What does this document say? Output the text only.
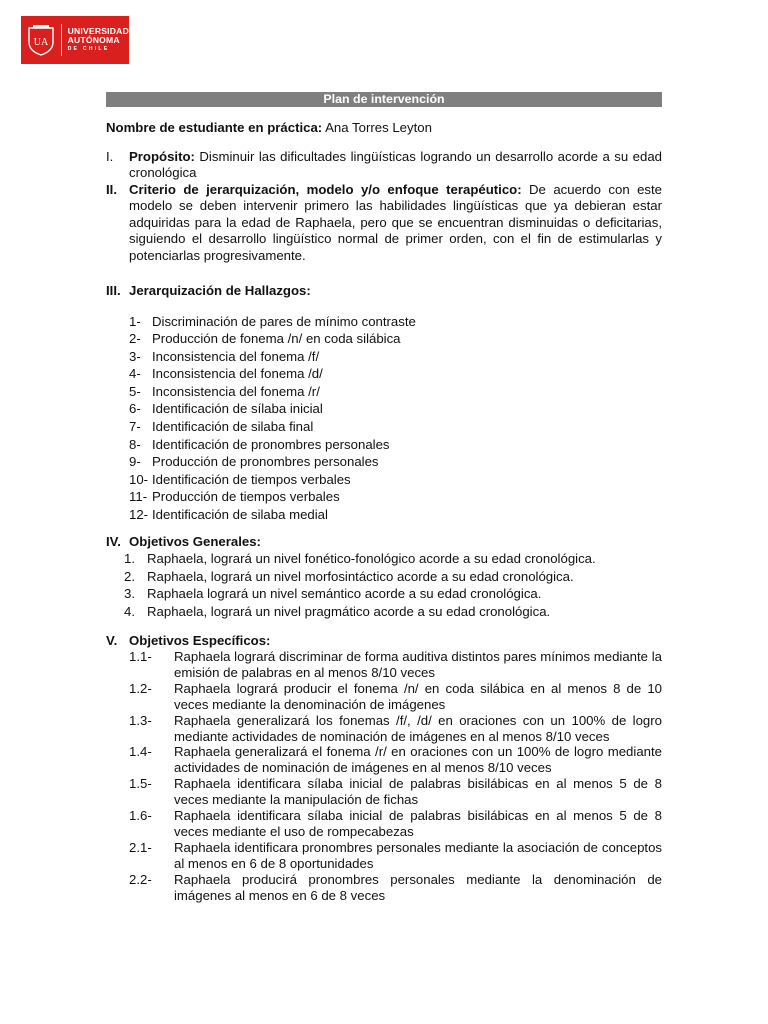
UA
UNIVERSIDAD
AUTÓNOMA
DE CHILE
Plan de intervención
Nombre de estudiante en práctica: Ana Torres Leyton
I.	Propósito: Disminuir las dificultades lingüísticas logrando un desarrollo acorde a su edad cronológica
II. Criterio de jerarquización, modelo y/o enfoque terapéutico: De acuerdo con este modelo se deben intervenir primero las habilidades lingüísticas que ya debieran estar adquiridas para la edad de Raphaela, pero que se encuentran disminuidas o deficitarias, siguiendo el desarrollo lingüístico normal de primer orden, con el fin de estimularlas y potenciarlas progresivamente.
III. Jerarquización de Hallazgos:
1- Discriminación de pares de mínimo contraste
2- Producción de fonema /n/ en coda silábica
3- Inconsistencia del fonema /f/
4- Inconsistencia del fonema /d/
5- Inconsistencia del fonema /r/
6- Identificación de sílaba inicial
7- Identificación de silaba final
8- Identificación de pronombres personales
9- Producción de pronombres personales
10- Identificación de tiempos verbales
11- Producción de tiempos verbales
12- Identificación de silaba medial
IV. Objetivos Generales:
1. Raphaela, logrará un nivel fonético-fonológico acorde a su edad cronológica.
2. Raphaela, logrará un nivel morfosintáctico acorde a su edad cronológica.
3. Raphaela logrará un nivel semántico acorde a su edad cronológica.
4. Raphaela, logrará un nivel pragmático acorde a su edad cronológica.
V. Objetivos Específicos:
1.1-	Raphaela logrará discriminar de forma auditiva distintos pares mínimos mediante la emisión de palabras en al menos 8/10 veces
1.2-	Raphaela logrará producir el fonema /n/ en coda silábica en al menos 8 de 10 veces mediante la denominación de imágenes
1.3-	Raphaela generalizará los fonemas /f/, /d/ en oraciones con un 100% de logro mediante actividades de nominación de imágenes en al menos 8/10 veces
1.4-	Raphaela generalizará el fonema /r/ en oraciones con un 100% de logro mediante actividades de nominación de imágenes en al menos 8/10 veces
1.5-	Raphaela identificara sílaba inicial de palabras bisilábicas en al menos 5 de 8 veces mediante la manipulación de fichas
1.6-	Raphaela identificara sílaba inicial de palabras bisilábicas en al menos 5 de 8 veces mediante el uso de rompecabezas
2.1-	Raphaela identificara pronombres personales mediante la asociación de conceptos al menos en 6 de 8 oportunidades
2.2-	Raphaela producirá pronombres personales mediante la denominación de imágenes al menos en 6 de 8 veces
